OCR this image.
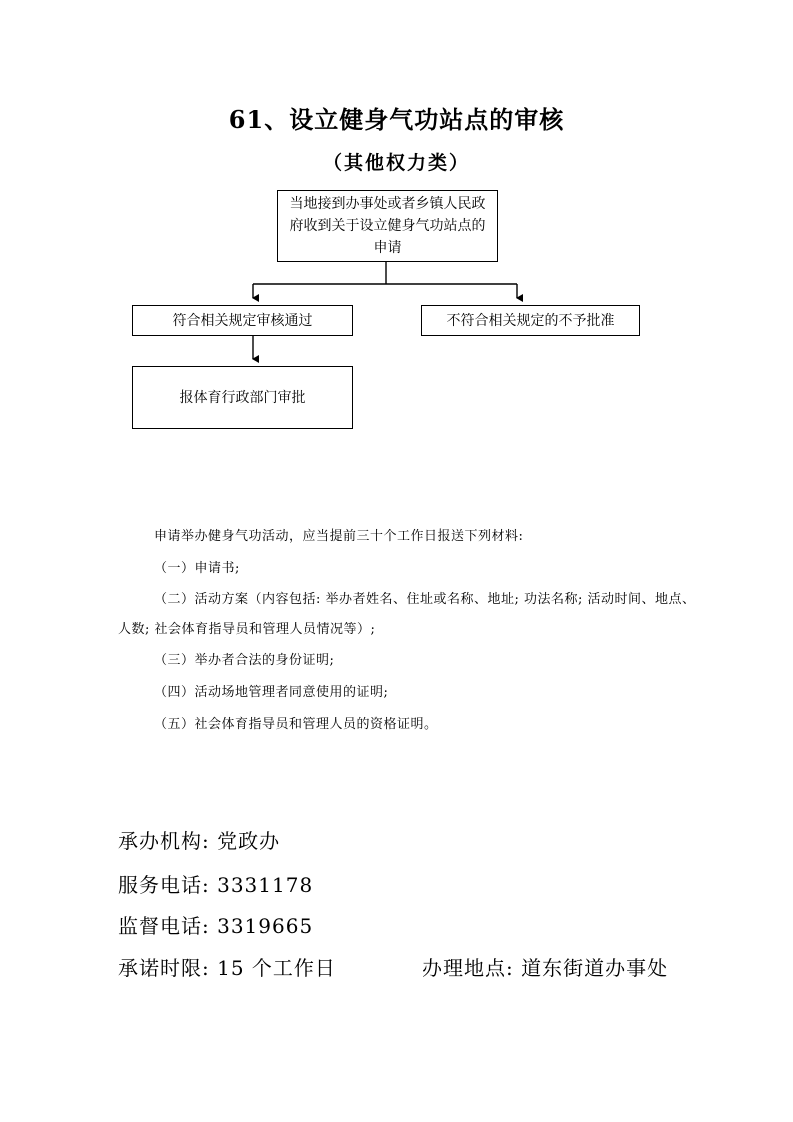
61、设立健身气功站点的审核
（其他权力类）
当地接到办事处或者乡镇人民政府收到关于设立健身气功站点的申请
符合相关规定审核通过	不符合相关规定的不予批准
报体育行政部门审批

申请举办健身气功活动，应当提前三十个工作日报送下列材料:

（一）申请书;

（二）活动方案（内容包括: 举办者姓名、住址或名称、地址; 功法名称; 活动时间、地点、人数; 社会体育指导员和管理人员情况等）;

（三）举办者合法的身份证明;

（四）活动场地管理者同意使用的证明;

（五）社会体育指导员和管理人员的资格证明。

承办机构: 党政办
服务电话: 3331178
监督电话: 3319665
承诺时限: 15 个工作日	办理地点: 道东街道办事处
